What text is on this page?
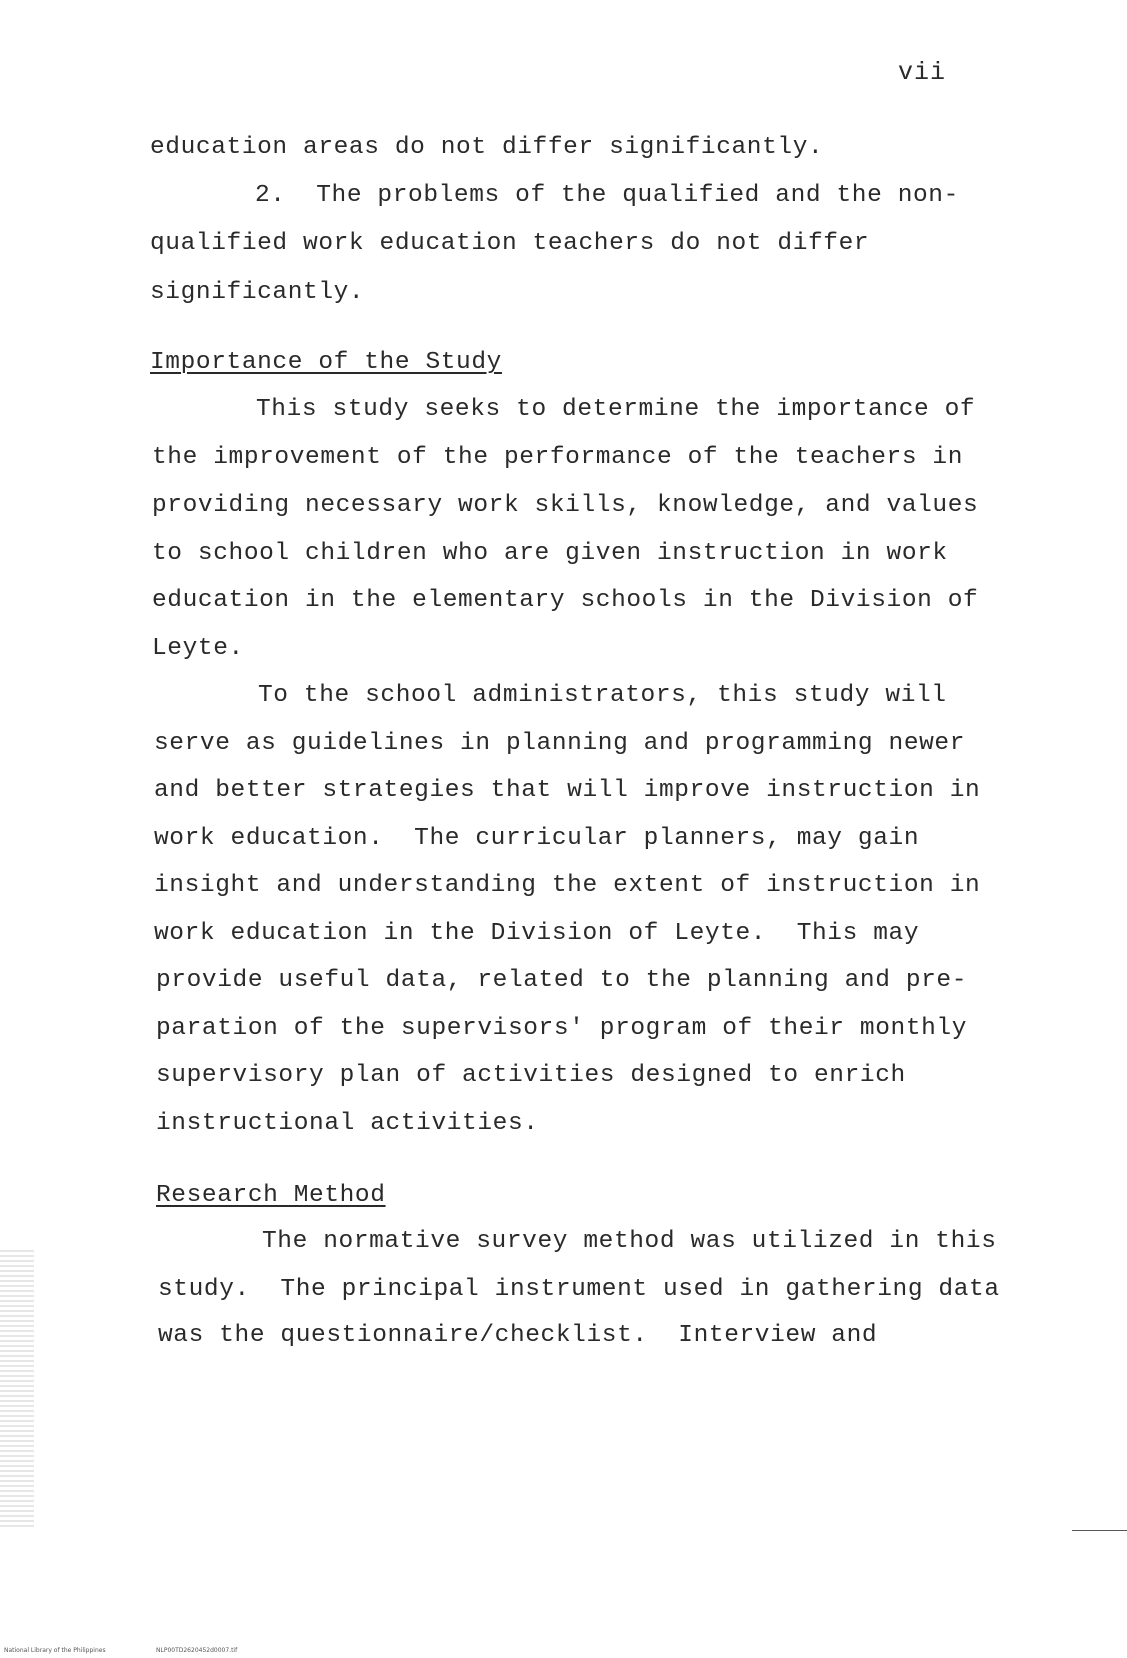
vii
education areas do not differ significantly.
2.  The problems of the qualified and the non-
qualified work education teachers do not differ
significantly.
Importance of the Study
This study seeks to determine the importance of
the improvement of the performance of the teachers in
providing necessary work skills, knowledge, and values
to school children who are given instruction in work
education in the elementary schools in the Division of
Leyte.
To the school administrators, this study will
serve as guidelines in planning and programming newer
and better strategies that will improve instruction in
work education.  The curricular planners, may gain
insight and understanding the extent of instruction in
work education in the Division of Leyte.  This may
provide useful data, related to the planning and pre-
paration of the supervisors' program of their monthly
supervisory plan of activities designed to enrich
instructional activities.
Research Method
The normative survey method was utilized in this
study.  The principal instrument used in gathering data
was the questionnaire/checklist.  Interview and
National Library of the Philippines	NLP00TD2620452d0007.tif
